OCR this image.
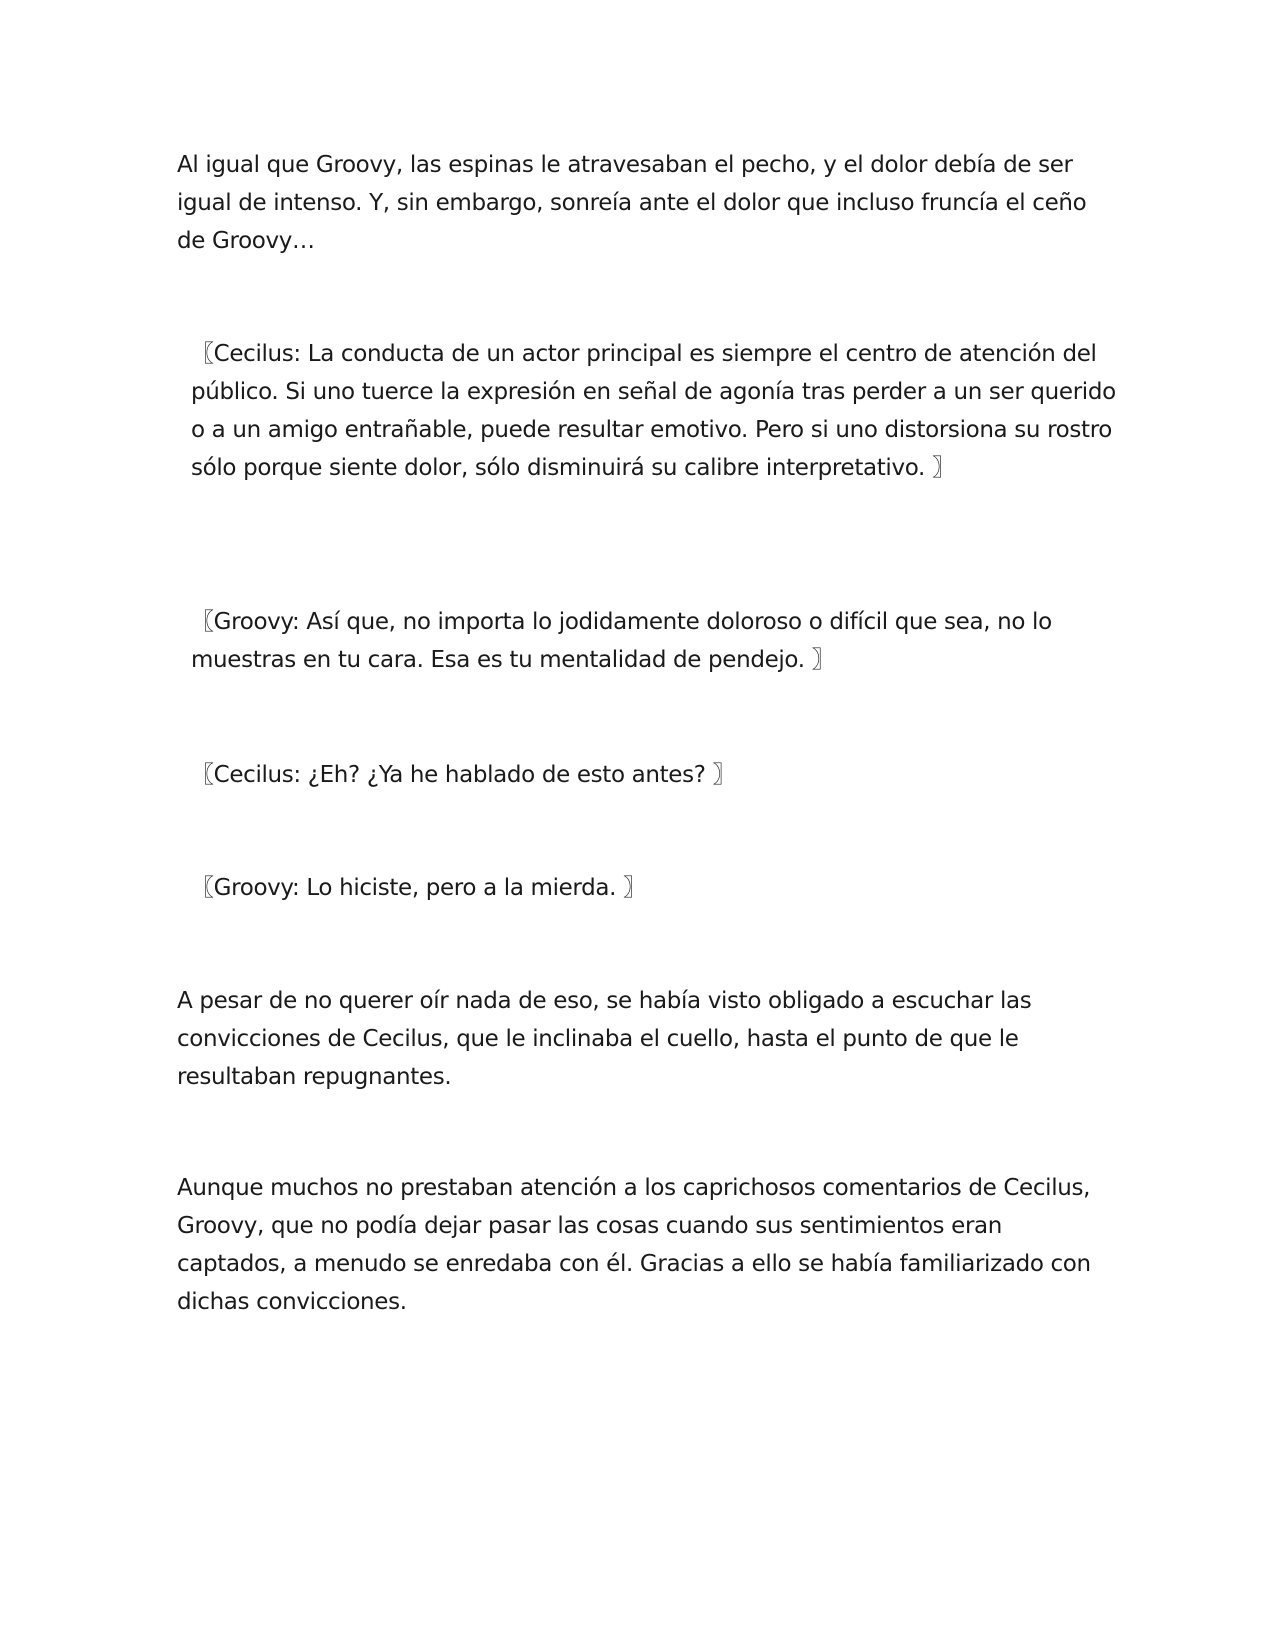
Al igual que Groovy, las espinas le atravesaban el pecho, y el dolor debía de ser igual de intenso. Y, sin embargo, sonreía ante el dolor que incluso fruncía el ceño de Groovy…

〖Cecilus: La conducta de un actor principal es siempre el centro de atención del público. Si uno tuerce la expresión en señal de agonía tras perder a un ser querido o a un amigo entrañable, puede resultar emotivo. Pero si uno distorsiona su rostro sólo porque siente dolor, sólo disminuirá su calibre interpretativo. 〗

〖Groovy: Así que, no importa lo jodidamente doloroso o difícil que sea, no lo muestras en tu cara. Esa es tu mentalidad de pendejo. 〗

〖Cecilus: ¿Eh? ¿Ya he hablado de esto antes? 〗

〖Groovy: Lo hiciste, pero a la mierda. 〗

A pesar de no querer oír nada de eso, se había visto obligado a escuchar las convicciones de Cecilus, que le inclinaba el cuello, hasta el punto de que le resultaban repugnantes.

Aunque muchos no prestaban atención a los caprichosos comentarios de Cecilus, Groovy, que no podía dejar pasar las cosas cuando sus sentimientos eran captados, a menudo se enredaba con él. Gracias a ello se había familiarizado con dichas convicciones.
